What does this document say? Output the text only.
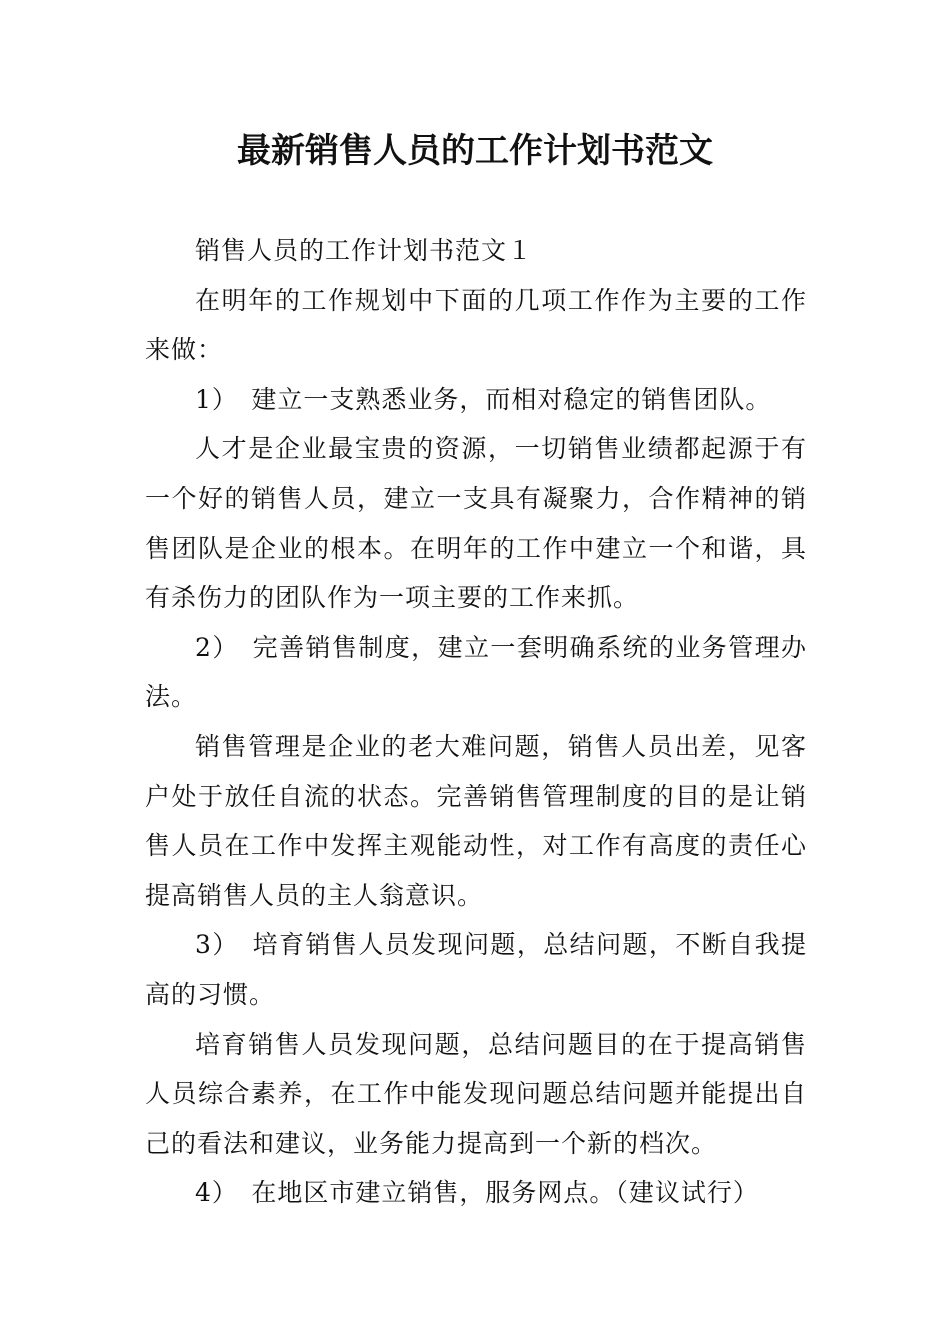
最新销售人员的工作计划书范文

销售人员的工作计划书范文１

在明年的工作规划中下面的几项工作作为主要的工作来做：

1）　建立一支熟悉业务，而相对稳定的销售团队。

人才是企业最宝贵的资源，一切销售业绩都起源于有一个好的销售人员，建立一支具有凝聚力，合作精神的销售团队是企业的根本。在明年的工作中建立一个和谐，具有杀伤力的团队作为一项主要的工作来抓。

2）　完善销售制度，建立一套明确系统的业务管理办法。

销售管理是企业的老大难问题，销售人员出差，见客户处于放任自流的状态。完善销售管理制度的目的是让销售人员在工作中发挥主观能动性，对工作有高度的责任心提高销售人员的主人翁意识。

3）　培育销售人员发现问题，总结问题，不断自我提高的习惯。

培育销售人员发现问题，总结问题目的在于提高销售人员综合素养，在工作中能发现问题总结问题并能提出自己的看法和建议，业务能力提高到一个新的档次。

4）　在地区市建立销售，服务网点。（建议试行）
